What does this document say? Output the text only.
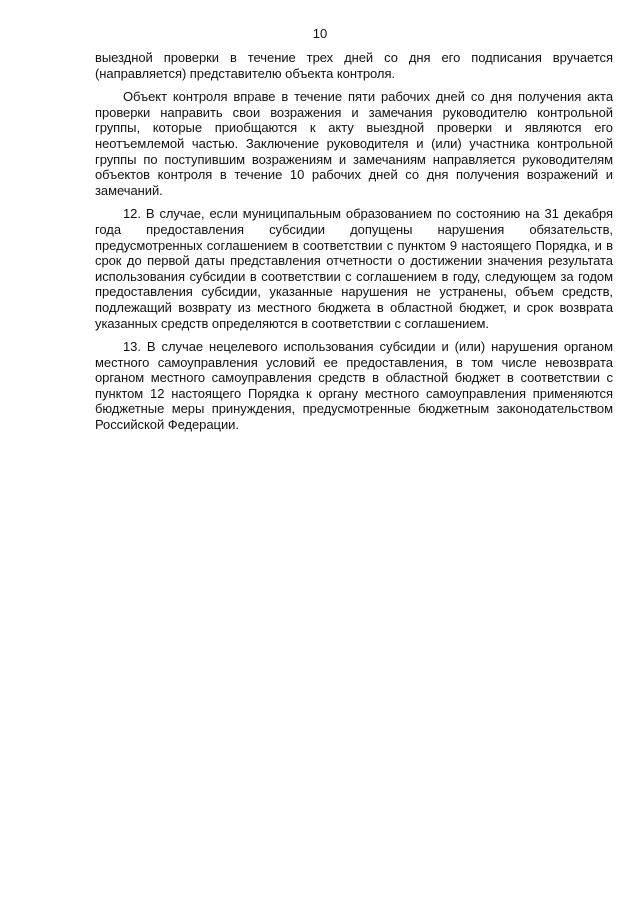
10

выездной проверки в течение трех дней со дня его подписания вручается (направляется) представителю объекта контроля.

Объект контроля вправе в течение пяти рабочих дней со дня получения акта проверки направить свои возражения и замечания руководителю контрольной группы, которые приобщаются к акту выездной проверки и являются его неотъемлемой частью. Заключение руководителя и (или) участника контрольной группы по поступившим возражениям и замечаниям направляется руководителям объектов контроля в течение 10 рабочих дней со дня получения возражений и замечаний.

12. В случае, если муниципальным образованием по состоянию на 31 декабря года предоставления субсидии допущены нарушения обязательств, предусмотренных соглашением в соответствии с пунктом 9 настоящего Порядка, и в срок до первой даты представления отчетности о достижении значения результата использования субсидии в соответствии с соглашением в году, следующем за годом предоставления субсидии, указанные нарушения не устранены, объем средств, подлежащий возврату из местного бюджета в областной бюджет, и срок возврата указанных средств определяются в соответствии с соглашением.

13. В случае нецелевого использования субсидии и (или) нарушения органом местного самоуправления условий ее предоставления, в том числе невозврата органом местного самоуправления средств в областной бюджет в соответствии с пунктом 12 настоящего Порядка к органу местного самоуправления применяются бюджетные меры принуждения, предусмотренные бюджетным законодательством Российской Федерации.
